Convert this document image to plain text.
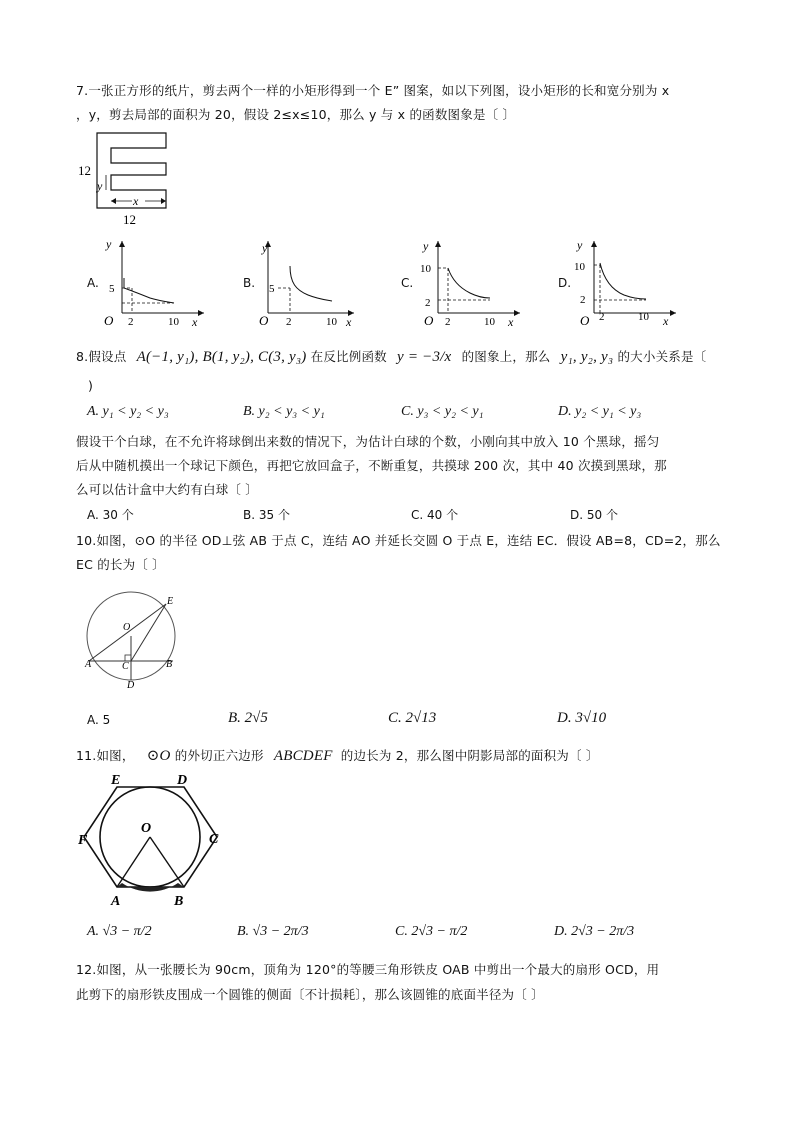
7.一张正方形的纸片，剪去两个一样的小矩形得到一个 E” 图案，如以下列图，设小矩形的长和宽分别为 x
，y，剪去局部的面积为 20，假设 2≤x≤10，那么 y 与 x 的函数图象是〔 〕
12
12
y
x
A.
y
O	x
5
2	10
B.
y
O	x
5
2	10
C.
y
O	x
10
2
2	10
D.
y
O	x
10
2
2	10
8.假设点 A(−1, y₁), B(1, y₂), C(3, y₃) 在反比例函数 y = −3/x 的图象上，那么 y₁, y₂, y₃ 的大小关系是〔
)
A. y₁ < y₂ < y₃	B. y₂ < y₃ < y₁	C. y₃ < y₂ < y₁	D. y₂ < y₁ < y₃
假设干个白球，在不允许将球倒出来数的情况下，为估计白球的个数，小刚向其中放入 10 个黑球，摇匀
后从中随机摸出一个球记下颜色，再把它放回盒子，不断重复，共摸球 200 次，其中 40 次摸到黑球，那
么可以估计盒中大约有白球〔 〕
A. 30 个	B. 35 个	C. 40 个	D. 50 个
10.如图，⊙O 的半径 OD⊥弦 AB 于点 C，连结 AO 并延长交圆 O 于点 E，连结 EC．假设 AB=8，CD=2，那么
EC 的长为〔 〕
E
O
A	B
C
D
A. 5	B. 2√5	C. 2√13	D. 3√10
11.如图， ⊙O 的外切正六边形 ABCDEF 的边长为 2，那么图中阴影局部的面积为〔 〕
E	D
F	C
O
A	B
A. √3 − π/2	B. √3 − 2π/3	C. 2√3 − π/2	D. 2√3 − 2π/3
12.如图，从一张腰长为 90cm，顶角为 120°的等腰三角形铁皮 OAB 中剪出一个最大的扇形 OCD，用
此剪下的扇形铁皮围成一个圆锥的侧面〔不计损耗〕，那么该圆锥的底面半径为〔 〕
